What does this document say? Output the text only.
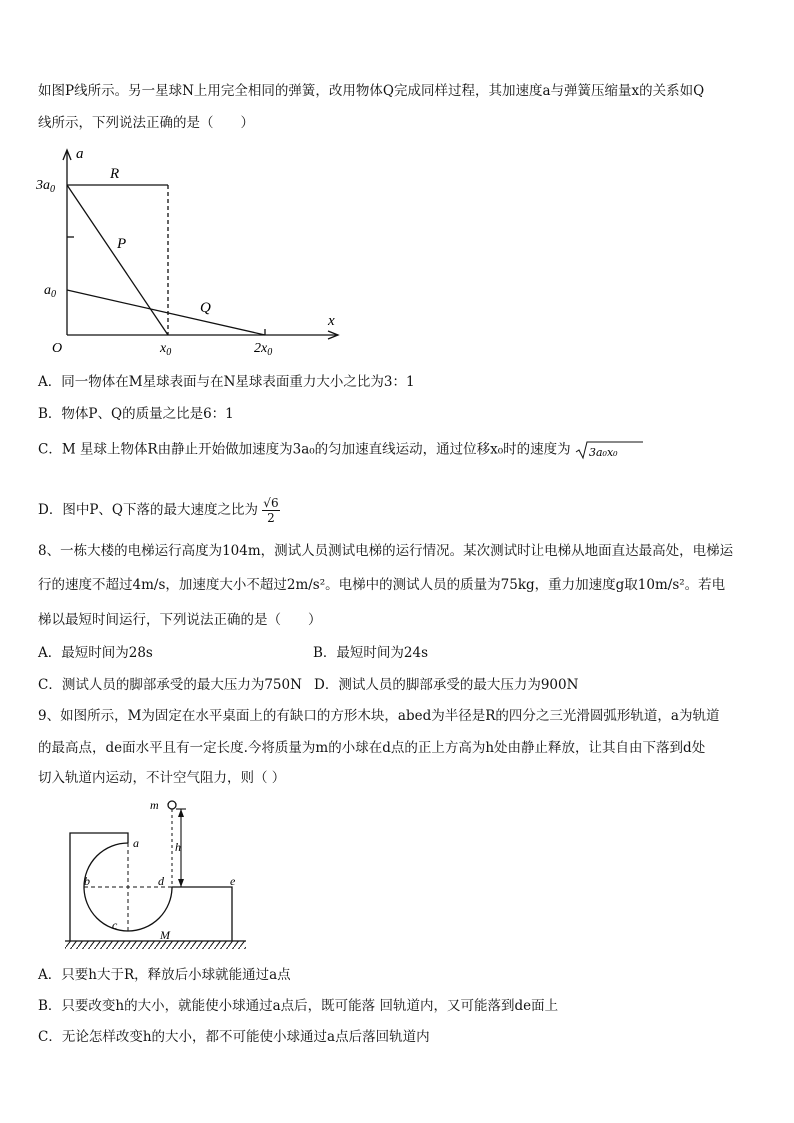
如图P线所示。另一星球N上用完全相同的弹簧，改用物体Q完成同样过程，其加速度a与弹簧压缩量x的关系如Q
线所示，下列说法正确的是（　　）
a
x
O
$3a_0$
$a_0$
$x_0$	$2x_0$
R
P
Q
A．同一物体在M星球表面与在N星球表面重力大小之比为3：1
B．物体P、Q的质量之比是6：1
C．M 星球上物体R由静止开始做加速度为3a₀的匀加速直线运动，通过位移x₀时的速度为 3a₀x₀
D．图中P、Q下落的最大速度之比为 $\frac{√6}{2}$
8、一栋大楼的电梯运行高度为104m，测试人员测试电梯的运行情况。某次测试时让电梯从地面直达最高处，电梯运
行的速度不超过4m/s，加速度大小不超过2m/s²。电梯中的测试人员的质量为75kg，重力加速度g取10m/s²。若电
梯以最短时间运行，下列说法正确的是（　　）
A．最短时间为28s	B．最短时间为24s
C．测试人员的脚部承受的最大压力为750N D．测试人员的脚部承受的最大压力为900N
9、如图所示，M为固定在水平桌面上的有缺口的方形木块，abed为半径是R的四分之三光滑圆弧形轨道，a为轨道
的最高点，de面水平且有一定长度.今将质量为m的小球在d点的正上方高为h处由静止释放，让其自由下落到d处
切入轨道内运动，不计空气阻力，则（ ）
m
h
a
b
c
d	e
M
A．只要h大于R，释放后小球就能通过a点
B．只要改变h的大小，就能使小球通过a点后，既可能落 回轨道内，又可能落到de面上
C．无论怎样改变h的大小，都不可能使小球通过a点后落回轨道内
